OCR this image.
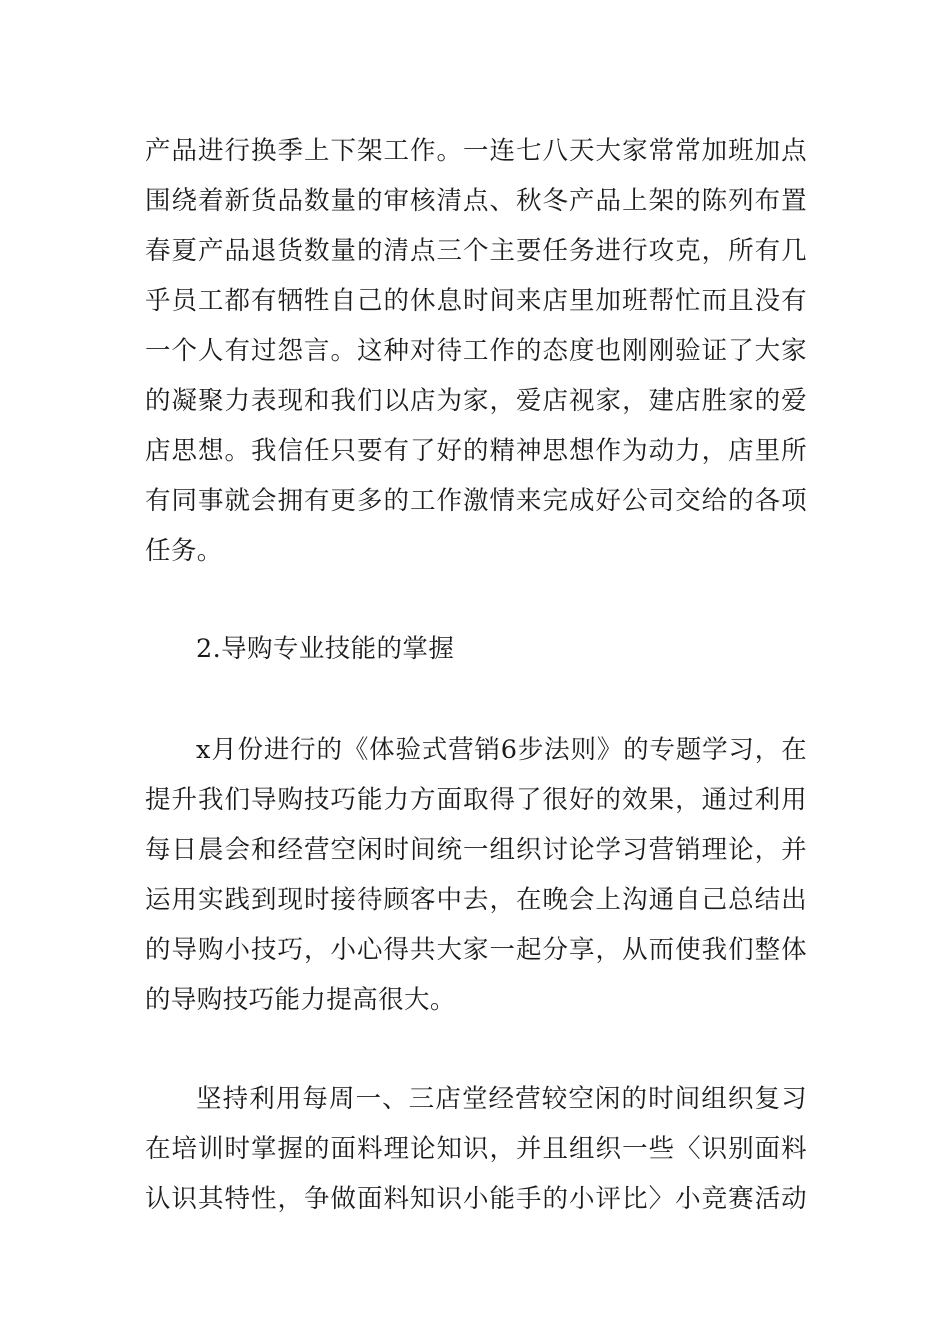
产品进行换季上下架工作。一连七八天大家常常加班加点
围绕着新货品数量的审核清点、秋冬产品上架的陈列布置
春夏产品退货数量的清点三个主要任务进行攻克，所有几
乎员工都有牺牲自己的休息时间来店里加班帮忙而且没有
一个人有过怨言。这种对待工作的态度也刚刚验证了大家
的凝聚力表现和我们以店为家，爱店视家，建店胜家的爱
店思想。我信任只要有了好的精神思想作为动力，店里所
有同事就会拥有更多的工作激情来完成好公司交给的各项
任务。
2.导购专业技能的掌握
x月份进行的《体验式营销6步法则》的专题学习，在
提升我们导购技巧能力方面取得了很好的效果，通过利用
每日晨会和经营空闲时间统一组织讨论学习营销理论，并
运用实践到现时接待顾客中去，在晚会上沟通自己总结出
的导购小技巧，小心得共大家一起分享，从而使我们整体
的导购技巧能力提高很大。
坚持利用每周一、三店堂经营较空闲的时间组织复习
在培训时掌握的面料理论知识，并且组织一些〈识别面料
认识其特性，争做面料知识小能手的小评比〉小竞赛活动
